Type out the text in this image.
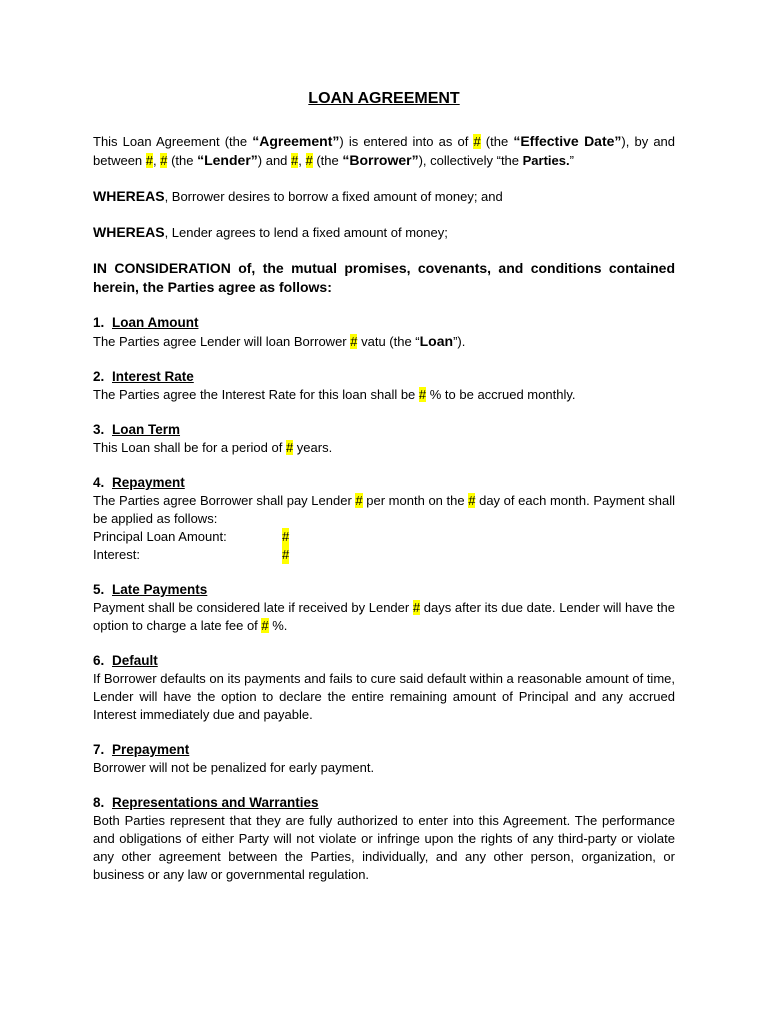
LOAN AGREEMENT

This Loan Agreement (the “Agreement”) is entered into as of # (the “Effective Date”), by and between #, # (the “Lender”) and #, # (the “Borrower”), collectively “the Parties.”

WHEREAS, Borrower desires to borrow a fixed amount of money; and

WHEREAS, Lender agrees to lend a fixed amount of money;

IN CONSIDERATION of, the mutual promises, covenants, and conditions contained herein, the Parties agree as follows:

1. Loan Amount

The Parties agree Lender will loan Borrower # vatu (the “Loan”).

2. Interest Rate

The Parties agree the Interest Rate for this loan shall be # % to be accrued monthly.

3. Loan Term

This Loan shall be for a period of # years.

4. Repayment

The Parties agree Borrower shall pay Lender # per month on the # day of each month. Payment shall be applied as follows:

Principal Loan Amount:	#
Interest:	#
5. Late Payments

Payment shall be considered late if received by Lender # days after its due date. Lender will have the option to charge a late fee of # %.

6. Default

If Borrower defaults on its payments and fails to cure said default within a reasonable amount of time, Lender will have the option to declare the entire remaining amount of Principal and any accrued Interest immediately due and payable.

7. Prepayment

Borrower will not be penalized for early payment.

8. Representations and Warranties

Both Parties represent that they are fully authorized to enter into this Agreement. The performance and obligations of either Party will not violate or infringe upon the rights of any third-party or violate any other agreement between the Parties, individually, and any other person, organization, or business or any law or governmental regulation.
